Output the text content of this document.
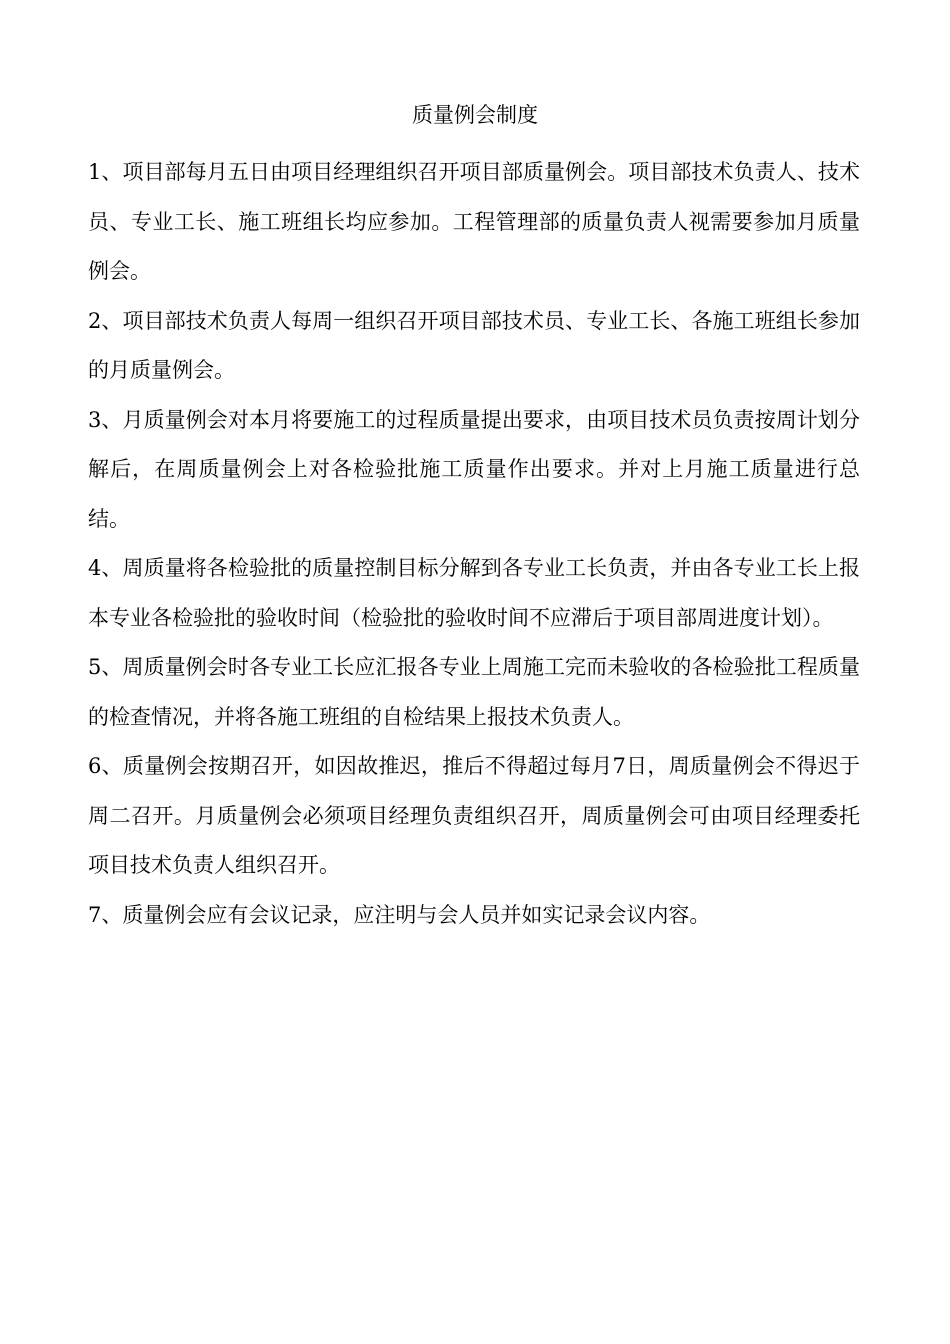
质量例会制度

1、项目部每月五日由项目经理组织召开项目部质量例会。项目部技术负责人、技术员、专业工长、施工班组长均应参加。工程管理部的质量负责人视需要参加月质量例会。

2、项目部技术负责人每周一组织召开项目部技术员、专业工长、各施工班组长参加的月质量例会。

3、月质量例会对本月将要施工的过程质量提出要求，由项目技术员负责按周计划分解后，在周质量例会上对各检验批施工质量作出要求。并对上月施工质量进行总结。

4、周质量将各检验批的质量控制目标分解到各专业工长负责，并由各专业工长上报本专业各检验批的验收时间（检验批的验收时间不应滞后于项目部周进度计划）。

5、周质量例会时各专业工长应汇报各专业上周施工完而未验收的各检验批工程质量的检查情况，并将各施工班组的自检结果上报技术负责人。

6、质量例会按期召开，如因故推迟，推后不得超过每月7日，周质量例会不得迟于周二召开。月质量例会必须项目经理负责组织召开，周质量例会可由项目经理委托项目技术负责人组织召开。

7、质量例会应有会议记录，应注明与会人员并如实记录会议内容。
